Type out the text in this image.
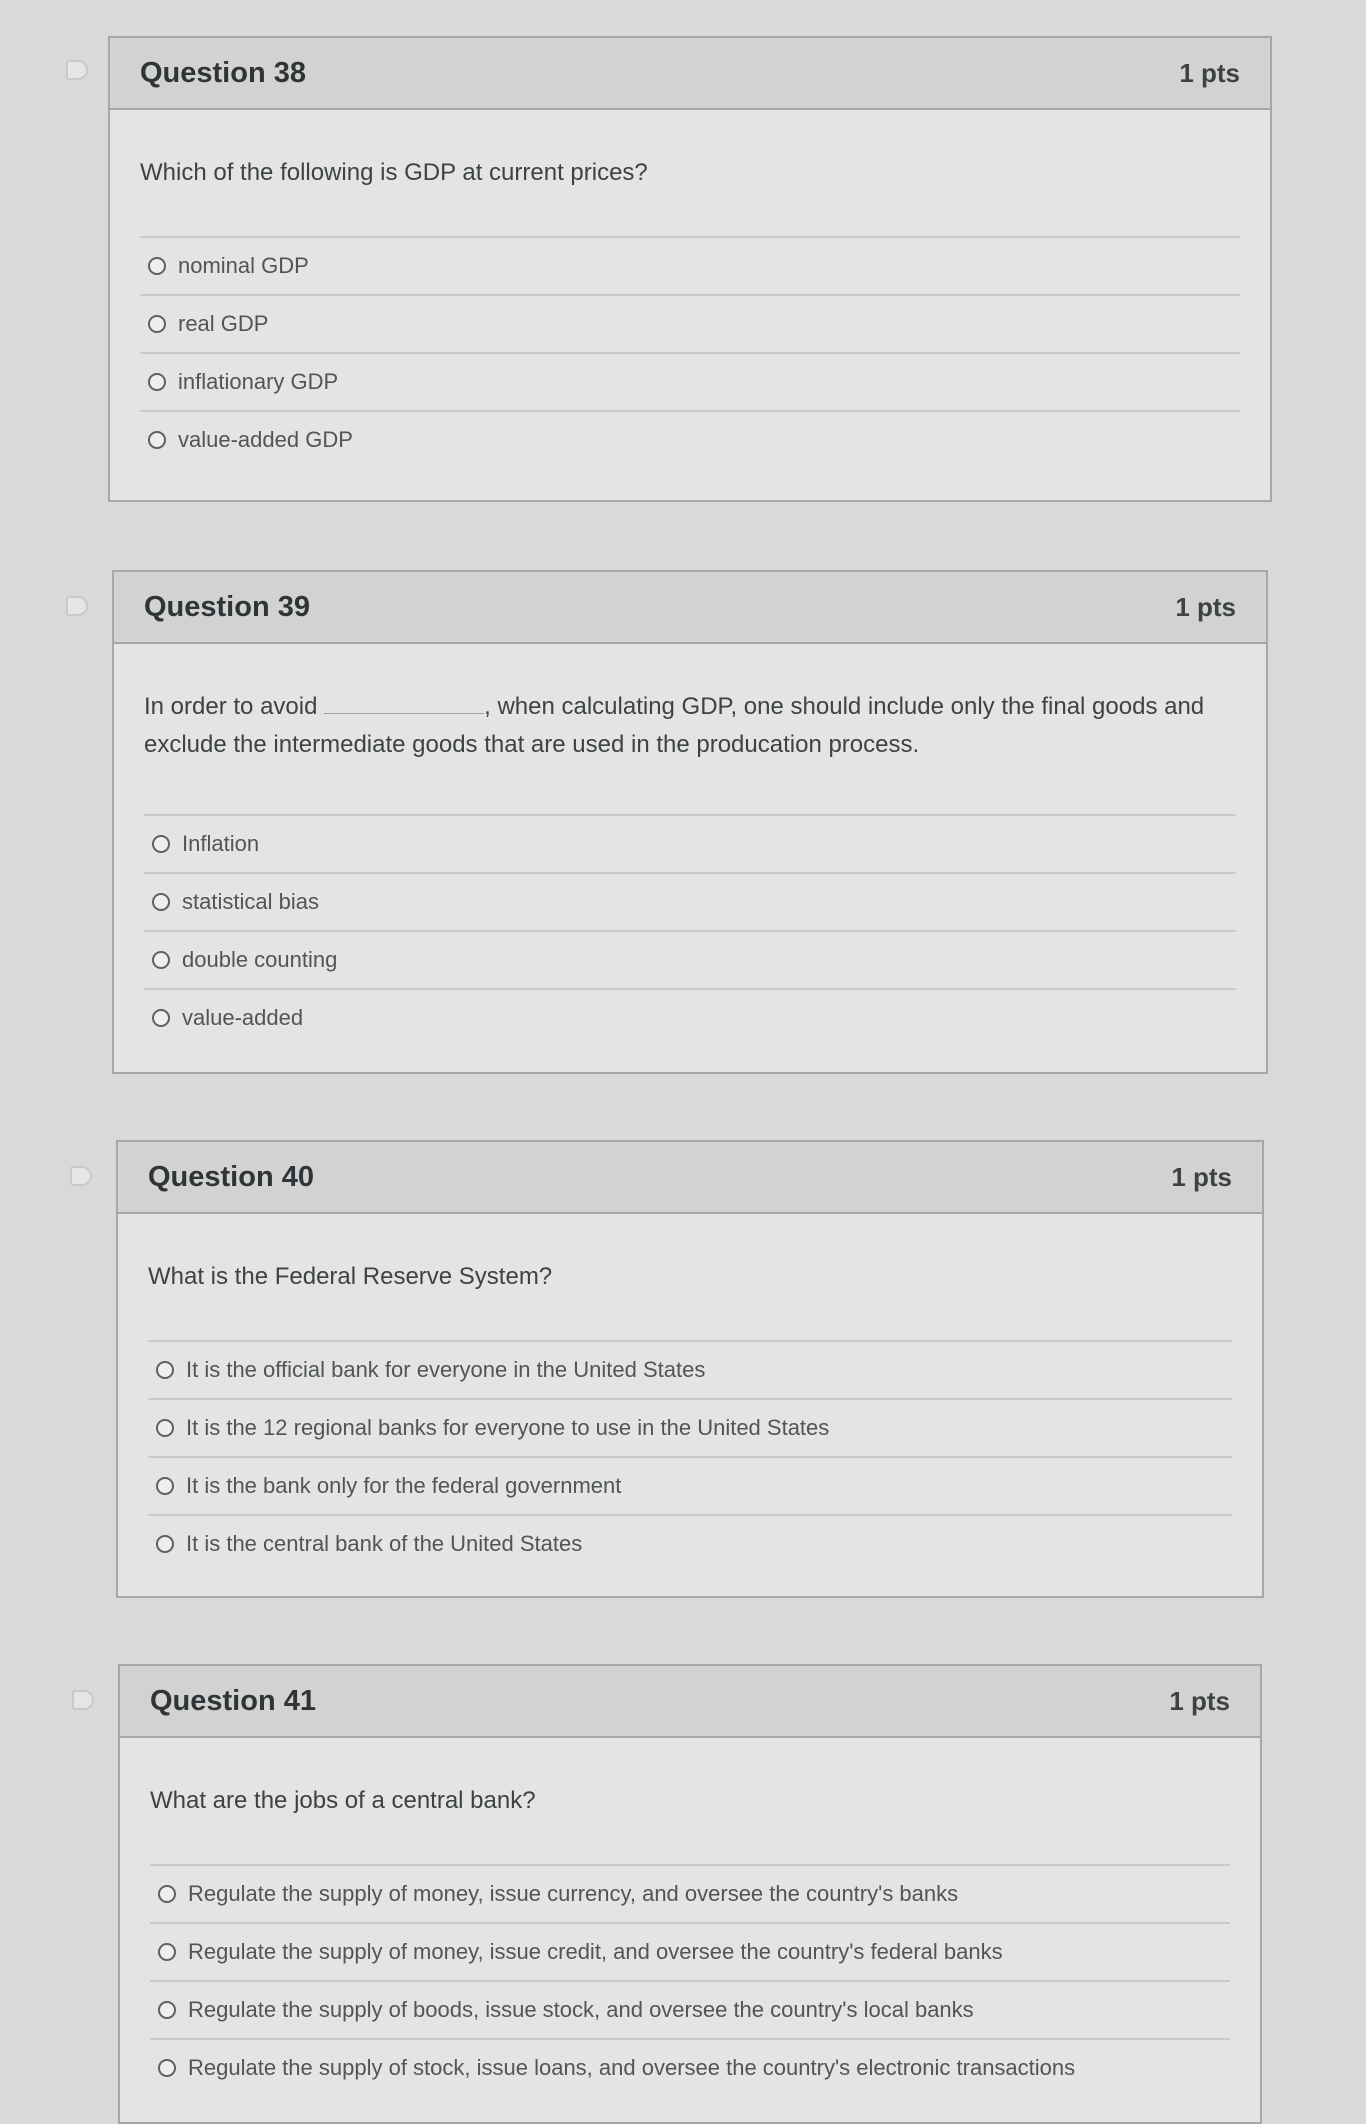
Question 38	1 pts
Which of the following is GDP at current prices?
nominal GDP
real GDP
inflationary GDP
value-added GDP
Question 39	1 pts
In order to avoid	, when calculating GDP, one should include only the final goods and exclude the intermediate goods that are used in the producation process.
Inflation
statistical bias
double counting
value-added
Question 40	1 pts
What is the Federal Reserve System?
It is the official bank for everyone in the United States
It is the 12 regional banks for everyone to use in the United States
It is the bank only for the federal government
It is the central bank of the United States
Question 41	1 pts
What are the jobs of a central bank?
Regulate the supply of money, issue currency, and oversee the country's banks
Regulate the supply of money, issue credit, and oversee the country's federal banks
Regulate the supply of boods, issue stock, and oversee the country's local banks
Regulate the supply of stock, issue loans, and oversee the country's electronic transactions
